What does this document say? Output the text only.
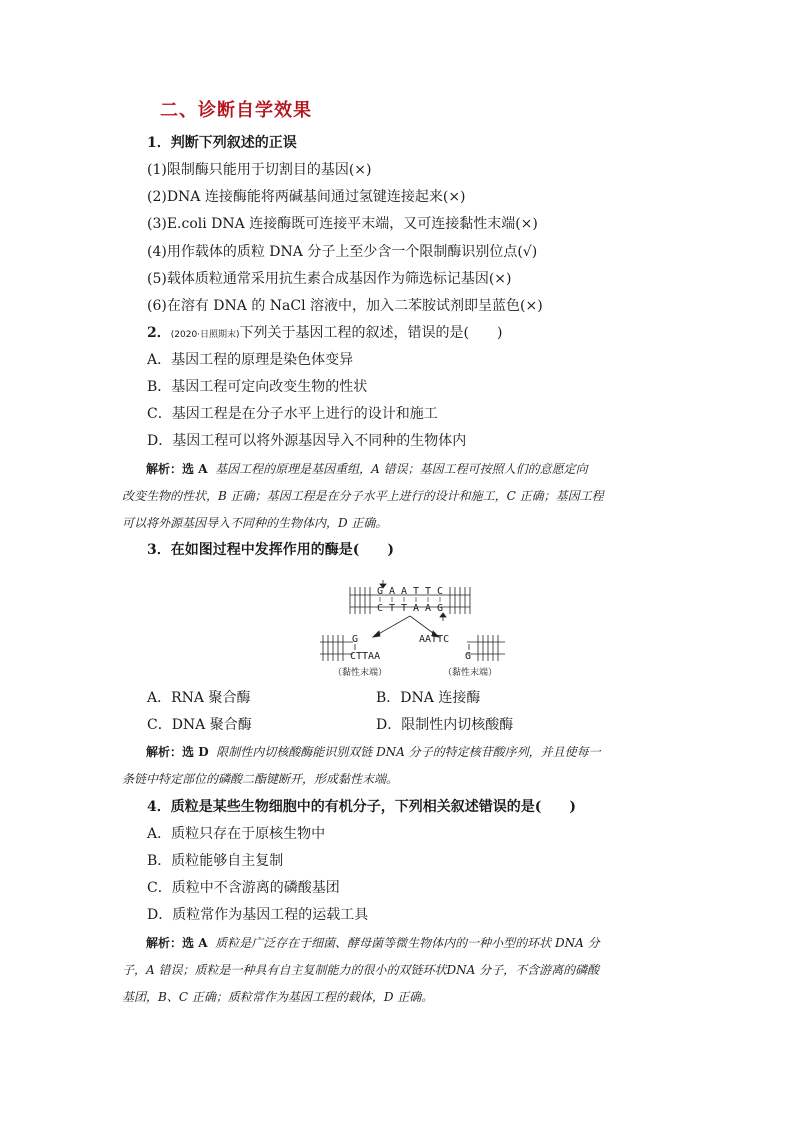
二、诊断自学效果
1．判断下列叙述的正误
(1)限制酶只能用于切割目的基因(×)
(2)DNA 连接酶能将两碱基间通过氢键连接起来(×)
(3)E.coli DNA 连接酶既可连接平末端，又可连接黏性末端(×)
(4)用作载体的质粒 DNA 分子上至少含一个限制酶识别位点(√)
(5)载体质粒通常采用抗生素合成基因作为筛选标记基因(×)
(6)在溶有 DNA 的 NaCl 溶液中，加入二苯胺试剂即呈蓝色(×)
2．(2020·日照期末)下列关于基因工程的叙述，错误的是(　　)
A．基因工程的原理是染色体变异
B．基因工程可定向改变生物的性状
C．基因工程是在分子水平上进行的设计和施工
D．基因工程可以将外源基因导入不同种的生物体内
解析：选 A 基因工程的原理是基因重组，A 错误；基因工程可按照人们的意愿定向
改变生物的性状，B 正确；基因工程是在分子水平上进行的设计和施工，C 正确；基因工程
可以将外源基因导入不同种的生物体内，D 正确。
3．在如图过程中发挥作用的酶是(　　)
G A A T T C
C T T A A G
G
CTTAA
（黏性末端）
AATTC
G
（黏性末端）
A．RNA 聚合酶	B．DNA 连接酶
C．DNA 聚合酶	D．限制性内切核酸酶
解析：选 D 限制性内切核酸酶能识别双链 DNA 分子的特定核苷酸序列，并且使每一
条链中特定部位的磷酸二酯键断开，形成黏性末端。
4．质粒是某些生物细胞中的有机分子，下列相关叙述错误的是(　　)
A．质粒只存在于原核生物中
B．质粒能够自主复制
C．质粒中不含游离的磷酸基团
D．质粒常作为基因工程的运载工具
解析：选 A 质粒是广泛存在于细菌、酵母菌等微生物体内的一种小型的环状 DNA 分
子，A 错误；质粒是一种具有自主复制能力的很小的双链环状DNA 分子，不含游离的磷酸
基团，B、C 正确；质粒常作为基因工程的载体，D 正确。
